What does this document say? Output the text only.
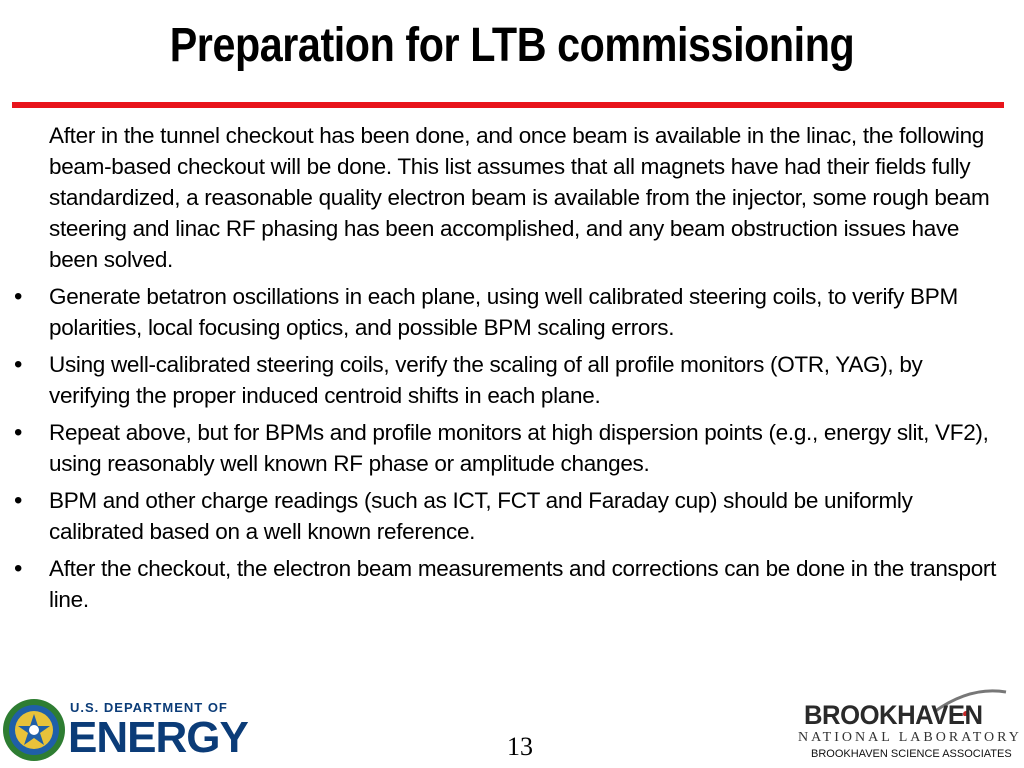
Preparation for LTB commissioning
After in the tunnel checkout has been done, and once beam is available in the linac, the following beam-based checkout will be done. This list assumes that all magnets have had their fields fully standardized, a reasonable quality electron beam is available from the injector, some rough beam steering and linac RF phasing has been accomplished, and any beam obstruction issues have been solved.
•	Generate betatron oscillations in each plane, using well calibrated steering coils, to verify BPM polarities, local focusing optics, and possible BPM scaling errors.
•	Using well-calibrated steering coils, verify the scaling of all profile monitors (OTR, YAG), by verifying the proper induced centroid shifts in each plane.
•	Repeat above, but for BPMs and profile monitors at high dispersion points (e.g., energy slit, VF2), using reasonably well known RF phase or amplitude changes.
•	BPM and other charge readings (such as ICT, FCT and Faraday cup) should be uniformly calibrated based on a well known reference.
•	After the checkout, the electron beam measurements and corrections can be done in the transport line.
U.S. DEPARTMENT OF
ENERGY	13
BROOKHAVEN
NATIONAL LABORATORY
BROOKHAVEN SCIENCE ASSOCIATES
